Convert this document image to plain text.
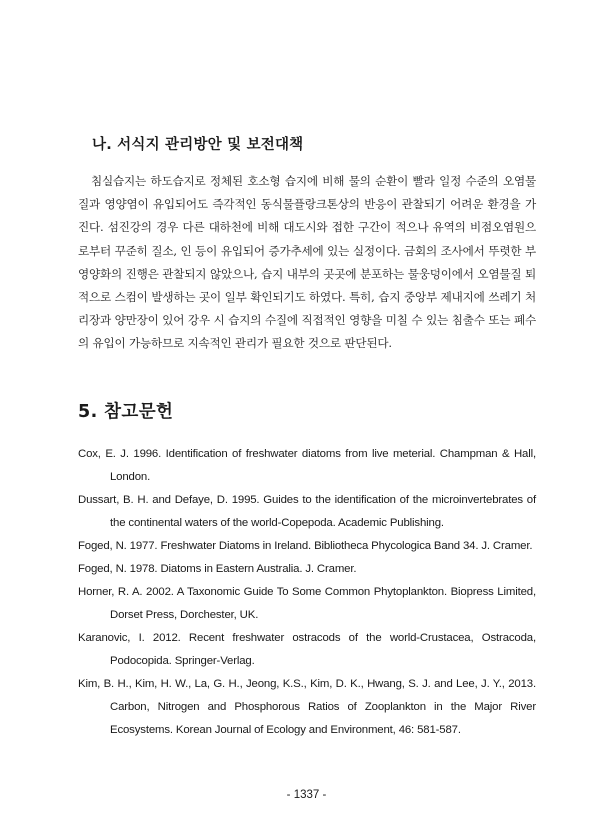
나. 서식지 관리방안 및 보전대책

침실습지는 하도습지로 정체된 호소형 습지에 비해 물의 순환이 빨라 일정 수준의 오염물질과 영양염이 유입되어도 즉각적인 동식물플랑크톤상의 반응이 관찰되기 어려운 환경을 가진다. 섬진강의 경우 다른 대하천에 비해 대도시와 접한 구간이 적으나 유역의 비점오염원으로부터 꾸준히 질소, 인 등이 유입되어 증가추세에 있는 실정이다. 금회의 조사에서 뚜렷한 부영양화의 진행은 관찰되지 않았으나, 습지 내부의 곳곳에 분포하는 물웅덩이에서 오염물질 퇴적으로 스컴이 발생하는 곳이 일부 확인되기도 하였다. 특히, 습지 중앙부 제내지에 쓰레기 처리장과 양만장이 있어 강우 시 습지의 수질에 직접적인 영향을 미칠 수 있는 침출수 또는 폐수의 유입이 가능하므로 지속적인 관리가 필요한 것으로 판단된다.

5. 참고문헌
Cox, E. J. 1996. Identification of freshwater diatoms from live meterial. Champman & Hall, London.
Dussart, B. H. and Defaye, D. 1995. Guides to the identification of the microinvertebrates of the continental waters of the world-Copepoda. Academic Publishing.
Foged, N. 1977. Freshwater Diatoms in Ireland. Bibliotheca Phycologica Band 34. J. Cramer.
Foged, N. 1978. Diatoms in Eastern Australia. J. Cramer.
Horner, R. A. 2002. A Taxonomic Guide To Some Common Phytoplankton. Biopress Limited, Dorset Press, Dorchester, UK.
Karanovic, I. 2012. Recent freshwater ostracods of the world-Crustacea, Ostracoda, Podocopida. Springer-Verlag.
Kim, B. H., Kim, H. W., La, G. H., Jeong, K.S., Kim, D. K., Hwang, S. J. and Lee, J. Y., 2013. Carbon, Nitrogen and Phosphorous Ratios of Zooplankton in the Major River Ecosystems. Korean Journal of Ecology and Environment, 46: 581-587.

- 1337 -
